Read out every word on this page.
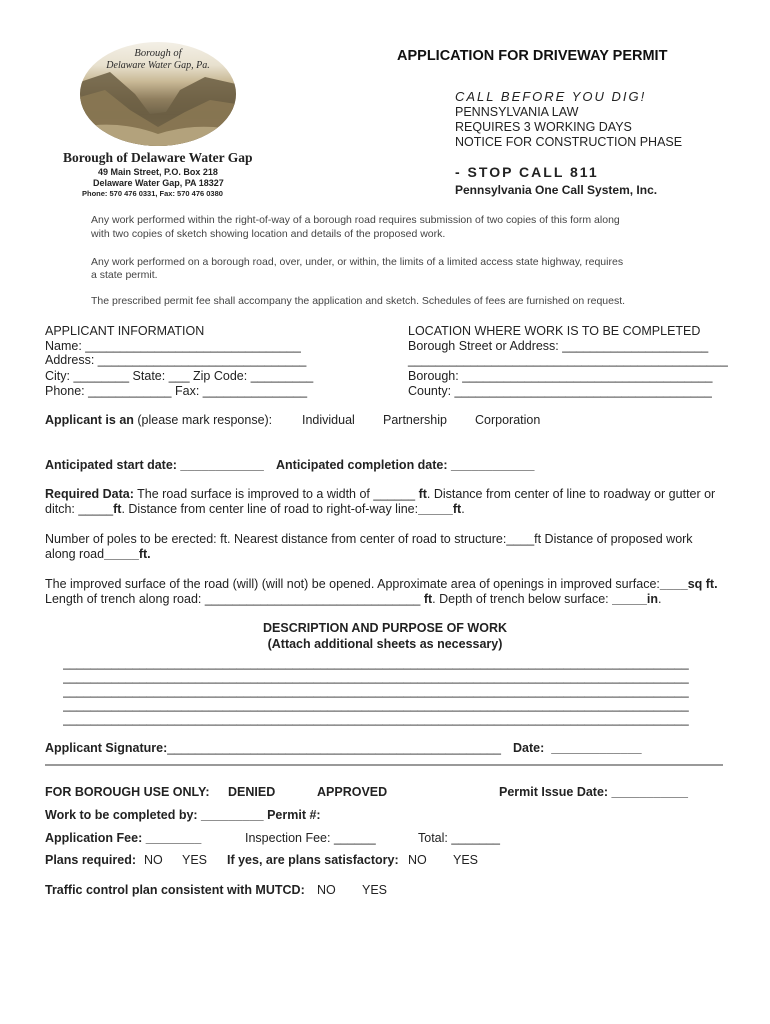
Borough of
Delaware Water Gap, Pa.
Borough of Delaware Water Gap
49 Main Street, P.O. Box 218
Delaware Water Gap, PA 18327
Phone: 570 476 0331, Fax: 570 476 0380
APPLICATION FOR DRIVEWAY PERMIT
CALL BEFORE YOU DIG!
PENNSYLVANIA LAW
REQUIRES 3 WORKING DAYS
NOTICE FOR CONSTRUCTION PHASE
- STOP CALL 811
Pennsylvania One Call System, Inc.
Any work performed within the right-of-way of a borough road requires submission of two copies of this form along
with two copies of sketch showing location and details of the proposed work.
Any work performed on a borough road, over, under, or within, the limits of a limited access state highway, requires
a state permit.
The prescribed permit fee shall accompany the application and sketch. Schedules of fees are furnished on request.
APPLICANT INFORMATION
Name: _______________________________
Address: ______________________________
City: ________ State: ___ Zip Code: _________
Phone: ____________ Fax: _______________
LOCATION WHERE WORK IS TO BE COMPLETED
Borough Street or Address: _____________________
______________________________________________
Borough: ____________________________________
County: _____________________________________
Applicant is an (please mark response): Individual Partnership Corporation
Anticipated start date: ____________ Anticipated completion date: ____________
Required Data: The road surface is improved to a width of ______ ft. Distance from center of line to roadway or gutter or
ditch: _____ft. Distance from center line of road to right-of-way line:_____ft.
Number of poles to be erected: ft. Nearest distance from center of road to structure:____ft Distance of proposed work
along road_____ft.
The improved surface of the road (will) (will not) be opened. Approximate area of openings in improved surface:____sq ft.
Length of trench along road: _______________________________ ft. Depth of trench below surface: _____in.
DESCRIPTION AND PURPOSE OF WORK
(Attach additional sheets as necessary)
__________________________________________________________________________________________
__________________________________________________________________________________________
__________________________________________________________________________________________
__________________________________________________________________________________________
__________________________________________________________________________________________
Applicant Signature:________________________________________________ Date: _____________
FOR BOROUGH USE ONLY: DENIED	APPROVED	Permit Issue Date: ___________
Work to be completed by: _________ Permit #:
Application Fee: ________	Inspection Fee: ______	Total: _______
Plans required: NO YES If yes, are plans satisfactory: NO YES
Traffic control plan consistent with MUTCD: NO YES
